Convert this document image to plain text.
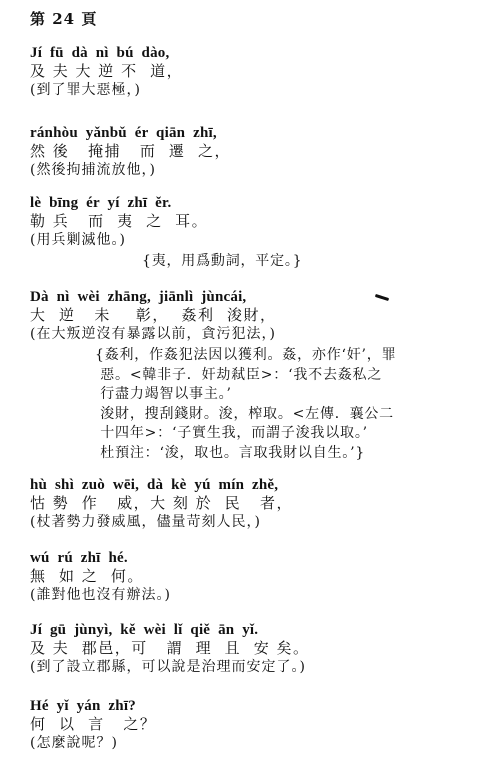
第 24 頁
Jí  fū  dà  nì  bú  dào,
及 夫 大 逆 不  道，
(到了罪大惡極，)
ránhòu  yǎnbǔ  ér  qiān  zhī,
然 後   掩捕   而  遷  之，
(然後拘捕流放他，)
lè  bīng  ér  yí  zhī  ěr.
勒 兵   而  夷  之  耳。
(用兵剿滅他。)
{夷，用爲動詞，平定。}
Dà  nì  wèi  zhāng,  jiānlì  jùncái,
大  逆   未    彰，  姦利  浚財，
(在大叛逆沒有暴露以前，貪污犯法，)
{姦利，作姦犯法因以獲利。姦，亦作‘奸’，罪
惡。<韓非子．奸劫弒臣>：‘我不去姦私之
行盡力竭智以事主。’
浚財，搜刮錢財。浚，榨取。<左傳．襄公二
十四年>：‘子實生我，而謂子浚我以取。’
杜預注：‘浚，取也。言取我財以自生。’}
hù  shì  zuò  wēi,  dà  kè  yú  mín  zhě,
怙 勢  作   威，大 刻 於  民   者，
(杖著勢力發威風，儘量苛刻人民，)
wú  rú  zhī  hé.
無  如 之  何。
(誰對他也沒有辦法。)
Jí  gū  jùnyì,  kě  wèi  lǐ  qiě  ān  yǐ.
及 夫  郡邑，可   謂  理  且  安 矣。
(到了設立郡縣，可以說是治理而安定了。)
Hé  yǐ  yán  zhī?
何  以  言   之？
(怎麼說呢？)
